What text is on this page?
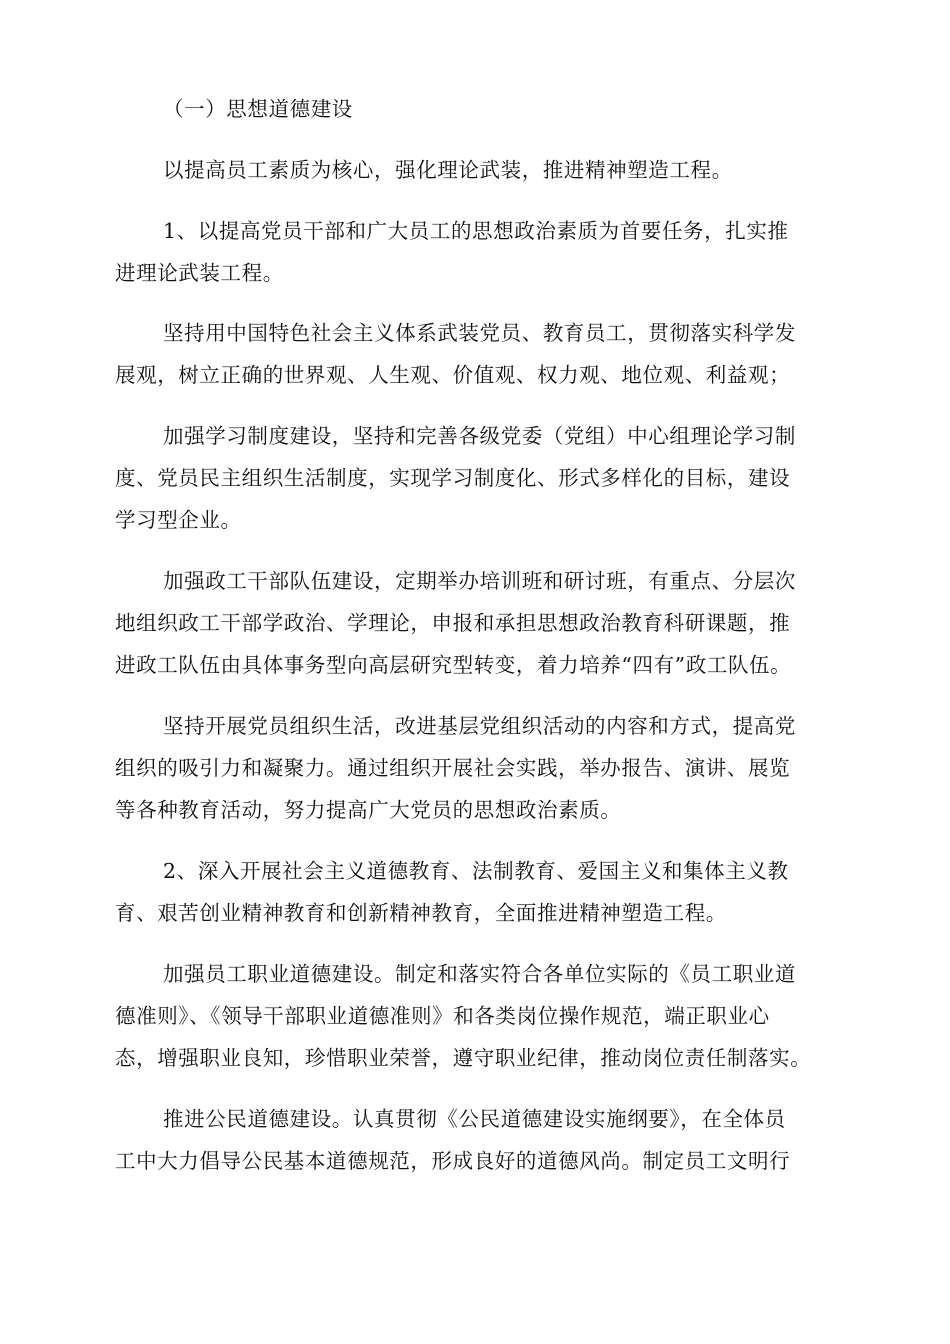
（一）思想道德建设
以提高员工素质为核心，强化理论武装，推进精神塑造工程。
1、以提高党员干部和广大员工的思想政治素质为首要任务，扎实推
进理论武装工程。
坚持用中国特色社会主义体系武装党员、教育员工，贯彻落实科学发
展观，树立正确的世界观、人生观、价值观、权力观、地位观、利益观；
加强学习制度建设，坚持和完善各级党委（党组）中心组理论学习制
度、党员民主组织生活制度，实现学习制度化、形式多样化的目标，建设
学习型企业。
加强政工干部队伍建设，定期举办培训班和研讨班，有重点、分层次
地组织政工干部学政治、学理论，申报和承担思想政治教育科研课题，推
进政工队伍由具体事务型向高层研究型转变，着力培养“四有”政工队伍。
坚持开展党员组织生活，改进基层党组织活动的内容和方式，提高党
组织的吸引力和凝聚力。通过组织开展社会实践，举办报告、演讲、展览
等各种教育活动，努力提高广大党员的思想政治素质。
2、深入开展社会主义道德教育、法制教育、爱国主义和集体主义教
育、艰苦创业精神教育和创新精神教育，全面推进精神塑造工程。
加强员工职业道德建设。制定和落实符合各单位实际的《员工职业道
德准则》、《领导干部职业道德准则》和各类岗位操作规范，端正职业心
态，增强职业良知，珍惜职业荣誉，遵守职业纪律，推动岗位责任制落实。
推进公民道德建设。认真贯彻《公民道德建设实施纲要》，在全体员
工中大力倡导公民基本道德规范，形成良好的道德风尚。制定员工文明行
